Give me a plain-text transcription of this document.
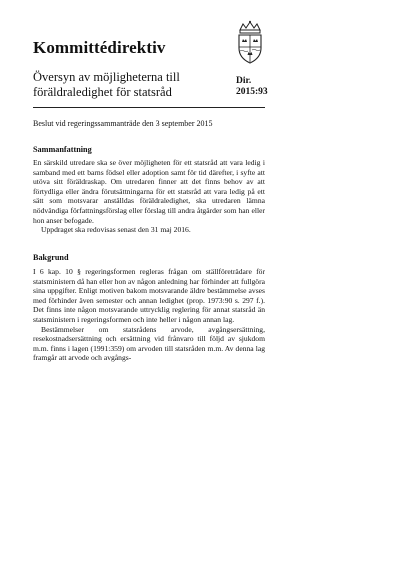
Kommittédirektiv
Översyn av möjligheterna till föräldraledighet för statsråd
Dir.
2015:93

Beslut vid regeringssammanträde den 3 september 2015

Sammanfattning

En särskild utredare ska se över möjligheten för ett statsråd att vara ledig i samband med ett barns födsel eller adoption samt för tid därefter, i syfte att utöva sitt föräldraskap. Om utredaren finner att det finns behov av att förtydliga eller ändra förutsättningarna för ett statsråd att vara ledig på ett sätt som motsvarar anställdas föräldraledighet, ska utredaren lämna nödvändiga författningsförslag eller förslag till andra åtgärder som han eller hon anser befogade.

Uppdraget ska redovisas senast den 31 maj 2016.

Bakgrund

I 6 kap. 10 § regeringsformen regleras frågan om ställföreträdare för statsministern då han eller hon av någon anledning har förhinder att fullgöra sina uppgifter. Enligt motiven bakom motsvarande äldre bestämmelse avses med förhinder även semester och annan ledighet (prop. 1973:90 s. 297 f.). Det finns inte någon motsvarande uttrycklig reglering för annat statsråd än statsministern i regeringsformen och inte heller i någon annan lag.

Bestämmelser om statsrådens arvode, avgångsersättning, resekostnadsersättning och ersättning vid frånvaro till följd av sjukdom m.m. finns i lagen (1991:359) om arvoden till statsråden m.m. Av denna lag framgår att arvode och avgångs-
